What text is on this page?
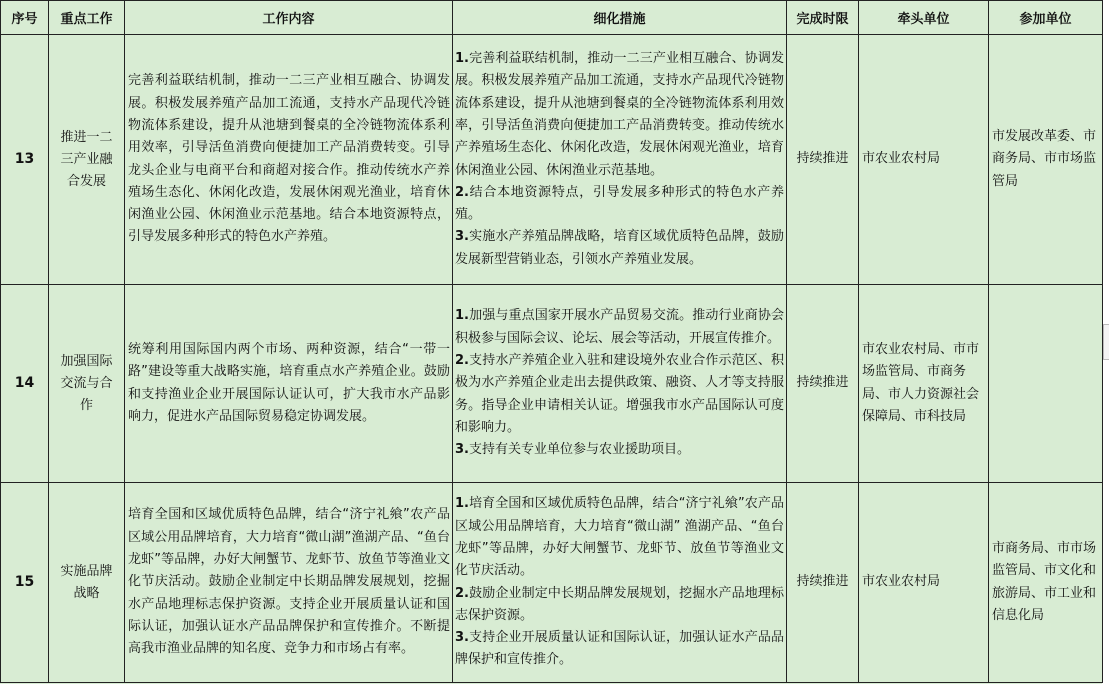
序号	重点工作	工作内容	细化措施	完成时限	牵头单位	参加单位
13	推进一二三产业融合发展	完善利益联结机制，推动一二三产业相互融合、协调发展。积极发展养殖产品加工流通，支持水产品现代冷链物流体系建设，提升从池塘到餐桌的全冷链物流体系利用效率，引导活鱼消费向便捷加工产品消费转变。引导龙头企业与电商平台和商超对接合作。推动传统水产养殖场生态化、休闲化改造，发展休闲观光渔业，培育休闲渔业公园、休闲渔业示范基地。结合本地资源特点，引导发展多种形式的特色水产养殖。	1.完善利益联结机制，推动一二三产业相互融合、协调发展。积极发展养殖产品加工流通，支持水产品现代冷链物流体系建设，提升从池塘到餐桌的全冷链物流体系利用效率，引导活鱼消费向便捷加工产品消费转变。推动传统水产养殖场生态化、休闲化改造，发展休闲观光渔业，培育休闲渔业公园、休闲渔业示范基地。
2.结合本地资源特点，引导发展多种形式的特色水产养殖。
3.实施水产养殖品牌战略，培育区域优质特色品牌，鼓励发展新型营销业态，引领水产养殖业发展。	持续推进	市农业农村局	市发展改革委、市商务局、市市场监管局
14	加强国际交流与合作	统筹利用国际国内两个市场、两种资源，结合“一带一路”建设等重大战略实施，培育重点水产养殖企业。鼓励和支持渔业企业开展国际认证认可，扩大我市水产品影响力，促进水产品国际贸易稳定协调发展。	1.加强与重点国家开展水产品贸易交流。推动行业商协会积极参与国际会议、论坛、展会等活动，开展宣传推介。
2.支持水产养殖企业入驻和建设境外农业合作示范区、积极为水产养殖企业走出去提供政策、融资、人才等支持服务。指导企业申请相关认证。增强我市水产品国际认可度和影响力。
3.支持有关专业单位参与农业援助项目。	持续推进	市农业农村局、市市场监管局、市商务局、市人力资源社会保障局、市科技局	
15	实施品牌战略	培育全国和区域优质特色品牌，结合“济宁礼飨”农产品区域公用品牌培育，大力培育“微山湖”渔湖产品、“鱼台龙虾”等品牌，办好大闸蟹节、龙虾节、放鱼节等渔业文化节庆活动。鼓励企业制定中长期品牌发展规划，挖掘水产品地理标志保护资源。支持企业开展质量认证和国际认证，加强认证水产品品牌保护和宣传推介。不断提高我市渔业品牌的知名度、竞争力和市场占有率。	1.培育全国和区域优质特色品牌，结合“济宁礼飨”农产品区域公用品牌培育，大力培育“微山湖” 渔湖产品、“鱼台龙虾”等品牌，办好大闸蟹节、龙虾节、放鱼节等渔业文化节庆活动。
2.鼓励企业制定中长期品牌发展规划，挖掘水产品地理标志保护资源。
3.支持企业开展质量认证和国际认证，加强认证水产品品牌保护和宣传推介。	持续推进	市农业农村局	市商务局、市市场监管局、市文化和旅游局、市工业和信息化局
